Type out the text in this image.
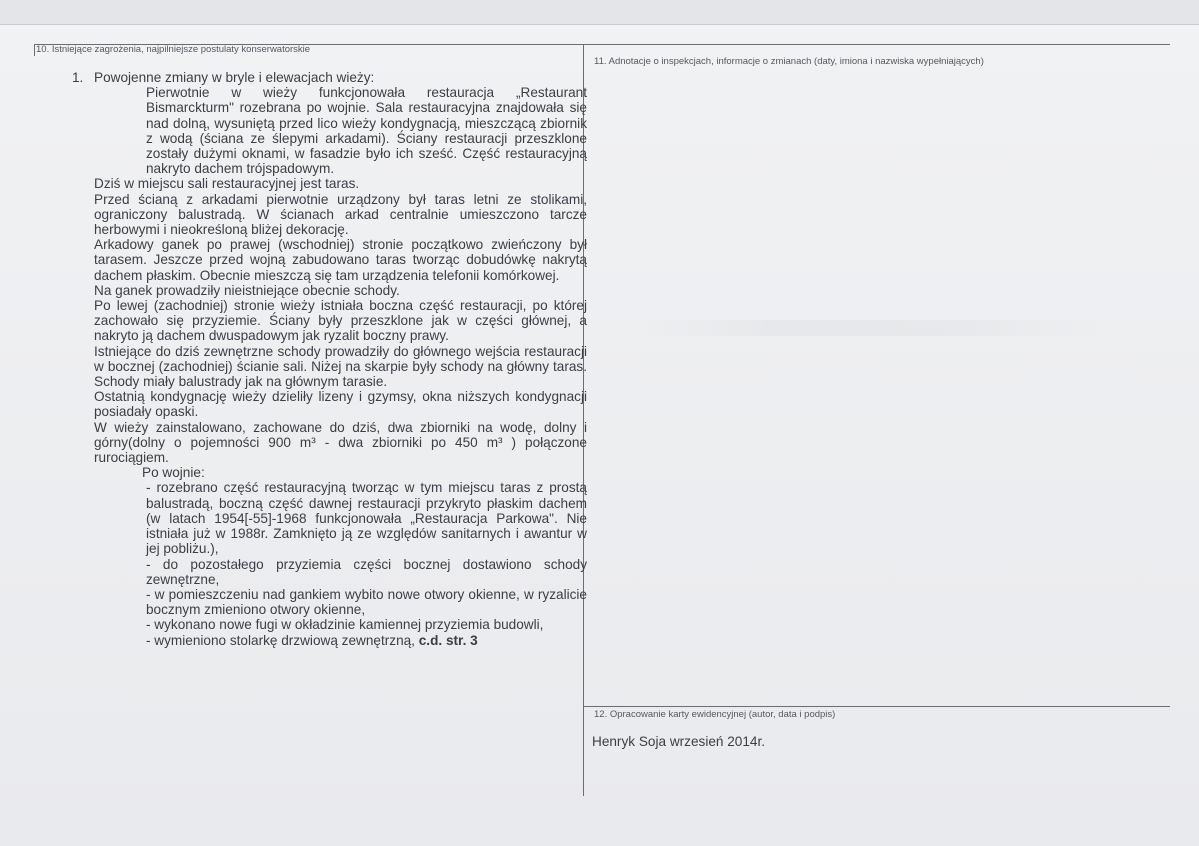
10. Istniejące zagrożenia, najpilniejsze postulaty konserwatorskie
1. Powojenne zmiany w bryle i elewacjach wieży:

Pierwotnie w wieży funkcjonowała restauracja „Restaurant Bismarckturm" rozebrana po wojnie. Sala restauracyjna znajdowała się nad dolną, wysuniętą przed lico wieży kondygnacją, mieszczącą zbiornik z wodą (ściana ze ślepymi arkadami). Ściany restauracji przeszklone zostały dużymi oknami, w fasadzie było ich sześć. Część restauracyjną nakryto dachem trójspadowym.

Dziś w miejscu sali restauracyjnej jest taras.

Przed ścianą z arkadami pierwotnie urządzony był taras letni ze stolikami, ograniczony balustradą. W ścianach arkad centralnie umieszczono tarcze herbowymi i nieokreśloną bliżej dekorację.

Arkadowy ganek po prawej (wschodniej) stronie początkowo zwieńczony był tarasem. Jeszcze przed wojną zabudowano taras tworząc dobudówkę nakrytą dachem płaskim. Obecnie mieszczą się tam urządzenia telefonii komórkowej.

Na ganek prowadziły nieistniejące obecnie schody.

Po lewej (zachodniej) stronie wieży istniała boczna część restauracji, po której zachowało się przyziemie. Ściany były przeszklone jak w części głównej, a nakryto ją dachem dwuspadowym jak ryzalit boczny prawy.

Istniejące do dziś zewnętrzne schody prowadziły do głównego wejścia restauracji w bocznej (zachodniej) ścianie sali. Niżej na skarpie były schody na główny taras. Schody miały balustrady jak na głównym tarasie.

Ostatnią kondygnację wieży dzieliły lizeny i gzymsy, okna niższych kondygnacji posiadały opaski.

W wieży zainstalowano, zachowane do dziś, dwa zbiorniki na wodę, dolny i górny(dolny o pojemności 900 m³ - dwa zbiorniki po 450 m³ ) połączone rurociągiem.

Po wojnie:

- rozebrano część restauracyjną tworząc w tym miejscu taras z prostą balustradą, boczną część dawnej restauracji przykryto płaskim dachem (w latach 1954[-55]-1968 funkcjonowała „Restauracja Parkowa". Nie istniała już w 1988r. Zamknięto ją ze względów sanitarnych i awantur w jej pobliżu.),

- do pozostałego przyziemia części bocznej dostawiono schody zewnętrzne,

- w pomieszczeniu nad gankiem wybito nowe otwory okienne, w ryzalicie bocznym zmieniono otwory okienne,

- wykonano nowe fugi w okładzinie kamiennej przyziemia budowli,

- wymieniono stolarkę drzwiową zewnętrzną, c.d. str. 3

11. Adnotacje o inspekcjach, informacje o zmianach (daty, imiona i nazwiska wypełniających)
12. Opracowanie karty ewidencyjnej (autor, data i podpis)
Henryk Soja wrzesień 2014r.
